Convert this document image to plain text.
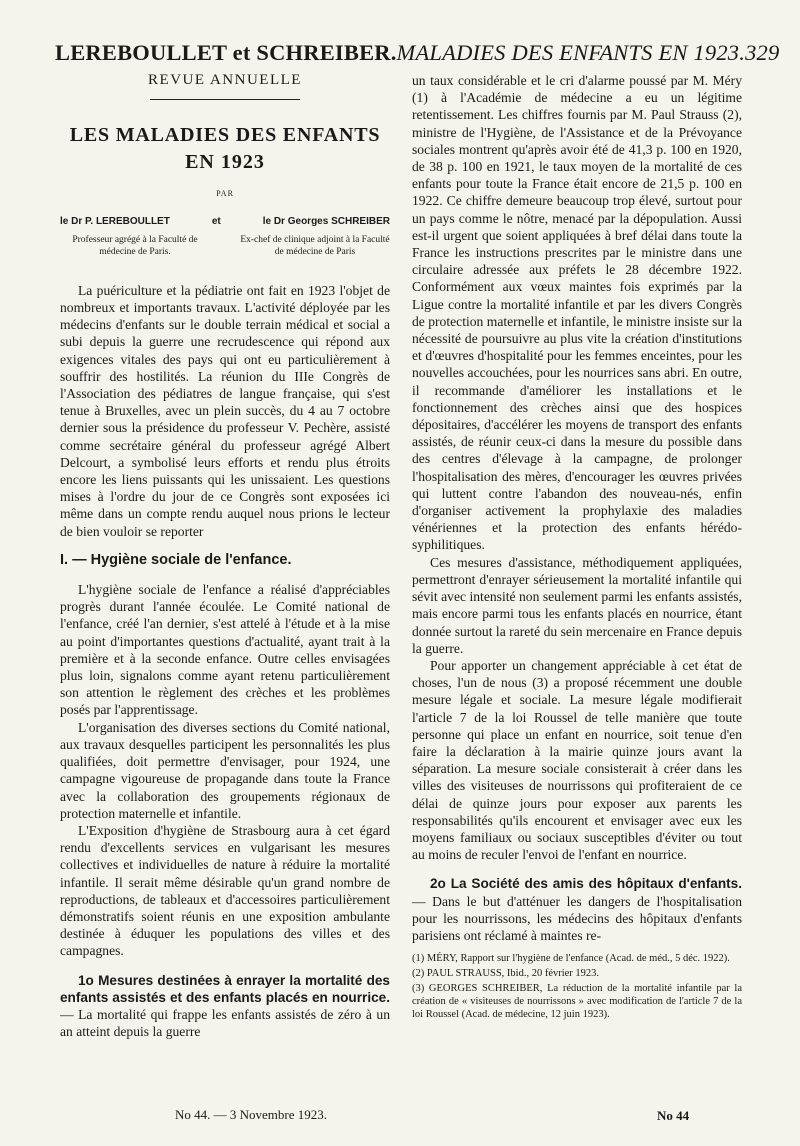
LEREBOULLET et SCHREIBER. MALADIES DES ENFANTS EN 1923. 329
REVUE ANNUELLE
LES MALADIES DES ENFANTS
EN 1923
PAR
le Dr P. LEREBOULLET	et	le Dr Georges SCHREIBER
Professeur agrégé à la Faculté de médecine de Paris.
Ex-chef de clinique adjoint à la Faculté de médecine de Paris

La puériculture et la pédiatrie ont fait en 1923 l'objet de nombreux et importants travaux. L'activité déployée par les médecins d'enfants sur le double terrain médical et social a subi depuis la guerre une recrudescence qui répond aux exigences vitales des pays qui ont eu particulièrement à souffrir des hostilités. La réunion du IIIe Congrès de l'Association des pédiatres de langue française, qui s'est tenue à Bruxelles, avec un plein succès, du 4 au 7 octobre dernier sous la présidence du professeur V. Pechère, assisté comme secrétaire général du professeur agrégé Albert Delcourt, a symbolisé leurs efforts et rendu plus étroits encore les liens puissants qui les unissaient. Les questions mises à l'ordre du jour de ce Congrès sont exposées ici même dans un compte rendu auquel nous prions le lecteur de bien vouloir se reporter

I. — Hygiène sociale de l'enfance.

L'hygiène sociale de l'enfance a réalisé d'appréciables progrès durant l'année écoulée. Le Comité national de l'enfance, créé l'an dernier, s'est attelé à l'étude et à la mise au point d'importantes questions d'actualité, ayant trait à la première et à la seconde enfance. Outre celles envisagées plus loin, signalons comme ayant retenu particulièrement son attention le règlement des crèches et les problèmes posés par l'apprentissage.

L'organisation des diverses sections du Comité national, aux travaux desquelles participent les personnalités les plus qualifiées, doit permettre d'envisager, pour 1924, une campagne vigoureuse de propagande dans toute la France avec la collaboration des groupements régionaux de protection maternelle et infantile.

L'Exposition d'hygiène de Strasbourg aura à cet égard rendu d'excellents services en vulgarisant les mesures collectives et individuelles de nature à réduire la mortalité infantile. Il serait même désirable qu'un grand nombre de reproductions, de tableaux et d'accessoires particulièrement démonstratifs soient réunis en une exposition ambulante destinée à éduquer les populations des villes et des campagnes.

1o Mesures destinées à enrayer la mortalité des enfants assistés et des enfants placés en nourrice. — La mortalité qui frappe les enfants assistés de zéro à un an atteint depuis la guerre

un taux considérable et le cri d'alarme poussé par M. Méry (1) à l'Académie de médecine a eu un légitime retentissement. Les chiffres fournis par M. Paul Strauss (2), ministre de l'Hygiène, de l'Assistance et de la Prévoyance sociales montrent qu'après avoir été de 41,3 p. 100 en 1920, de 38 p. 100 en 1921, le taux moyen de la mortalité de ces enfants pour toute la France était encore de 21,5 p. 100 en 1922. Ce chiffre demeure beaucoup trop élevé, surtout pour un pays comme le nôtre, menacé par la dépopulation. Aussi est-il urgent que soient appliquées à bref délai dans toute la France les instructions prescrites par le ministre dans une circulaire adressée aux préfets le 28 décembre 1922. Conformément aux vœux maintes fois exprimés par la Ligue contre la mortalité infantile et par les divers Congrès de protection maternelle et infantile, le ministre insiste sur la nécessité de poursuivre au plus vite la création d'institutions et d'œuvres d'hospitalité pour les femmes enceintes, pour les nouvelles accouchées, pour les nourrices sans abri. En outre, il recommande d'améliorer les installations et le fonctionnement des crèches ainsi que des hospices dépositaires, d'accélérer les moyens de transport des enfants assistés, de réunir ceux-ci dans la mesure du possible dans des centres d'élevage à la campagne, de prolonger l'hospitalisation des mères, d'encourager les œuvres privées qui luttent contre l'abandon des nouveau-nés, enfin d'organiser activement la prophylaxie des maladies vénériennes et la protection des enfants hérédo-syphilitiques.

Ces mesures d'assistance, méthodiquement appliquées, permettront d'enrayer sérieusement la mortalité infantile qui sévit avec intensité non seulement parmi les enfants assistés, mais encore parmi tous les enfants placés en nourrice, étant donnée surtout la rareté du sein mercenaire en France depuis la guerre.

Pour apporter un changement appréciable à cet état de choses, l'un de nous (3) a proposé récemment une double mesure légale et sociale. La mesure légale modifierait l'article 7 de la loi Roussel de telle manière que toute personne qui place un enfant en nourrice, soit tenue d'en faire la déclaration à la mairie quinze jours avant la séparation. La mesure sociale consisterait à créer dans les villes des visiteuses de nourrissons qui profiteraient de ce délai de quinze jours pour exposer aux parents les responsabilités qu'ils encourent et envisager avec eux les moyens familiaux ou sociaux susceptibles d'éviter ou tout au moins de reculer l'envoi de l'enfant en nourrice.

2o La Société des amis des hôpitaux d'enfants. — Dans le but d'atténuer les dangers de l'hospitalisation pour les nourrissons, les médecins des hôpitaux d'enfants parisiens ont réclamé à maintes re-

(1) MÉRY, Rapport sur l'hygiène de l'enfance (Acad. de méd., 5 déc. 1922).
(2) PAUL STRAUSS, Ibid., 20 février 1923.
(3) GEORGES SCHREIBER, La réduction de la mortalité infantile par la création de « visiteuses de nourrissons » avec modification de l'article 7 de la loi Roussel (Acad. de médecine, 12 juin 1923).
No 44. — 3 Novembre 1923.	No 44
